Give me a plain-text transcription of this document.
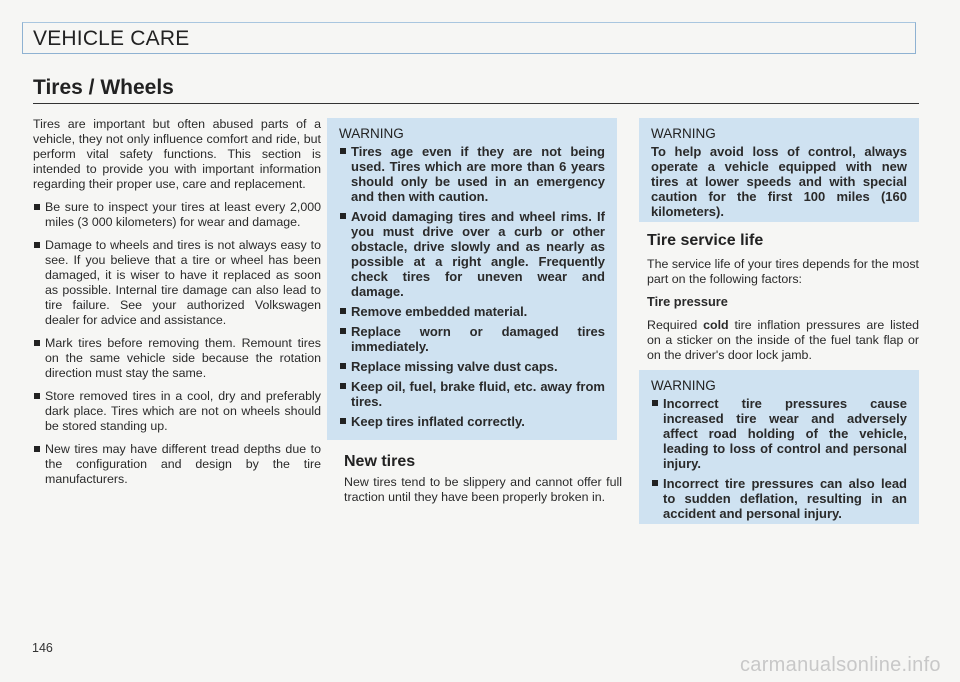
VEHICLE CARE
Tires / Wheels

Tires are important but often abused parts of a vehicle, they not only influence comfort and ride, but perform vital safety functions. This section is intended to provide you with important information regarding their proper use, care and replacement.

Be sure to inspect your tires at least every 2,000 miles (3 000 kilometers) for wear and damage.

Damage to wheels and tires is not always easy to see. If you believe that a tire or wheel has been damaged, it is wiser to have it replaced as soon as possible. Internal tire damage can also lead to tire failure. See your authorized Volkswagen dealer for advice and assistance.

Mark tires before removing them. Remount tires on the same vehicle side because the rotation direction must stay the same.

Store removed tires in a cool, dry and preferably dark place. Tires which are not on wheels should be stored standing up.

New tires may have different tread depths due to the configuration and design by the tire manufacturers.

WARNING

Tires age even if they are not being used. Tires which are more than 6 years should only be used in an emergency and then with caution.

Avoid damaging tires and wheel rims. If you must drive over a curb or other obstacle, drive slowly and as nearly as possible at a right angle. Frequently check tires for uneven wear and damage.

Remove embedded material.

Replace worn or damaged tires immediately.

Replace missing valve dust caps.

Keep oil, fuel, brake fluid, etc. away from tires.

Keep tires inflated correctly.

New tires

New tires tend to be slippery and cannot offer full traction until they have been properly broken in.

WARNING

To help avoid loss of control, always operate a vehicle equipped with new tires at lower speeds and with special caution for the first 100 miles (160 kilometers).

Tire service life

The service life of your tires depends for the most part on the following factors:

Tire pressure

Required cold tire inflation pressures are listed on a sticker on the inside of the fuel tank flap or on the driver's door lock jamb.

WARNING

Incorrect tire pressures cause increased tire wear and adversely affect road holding of the vehicle, leading to loss of control and personal injury.

Incorrect tire pressures can also lead to sudden deflation, resulting in an accident and personal injury.

146
carmanualsonline.info
